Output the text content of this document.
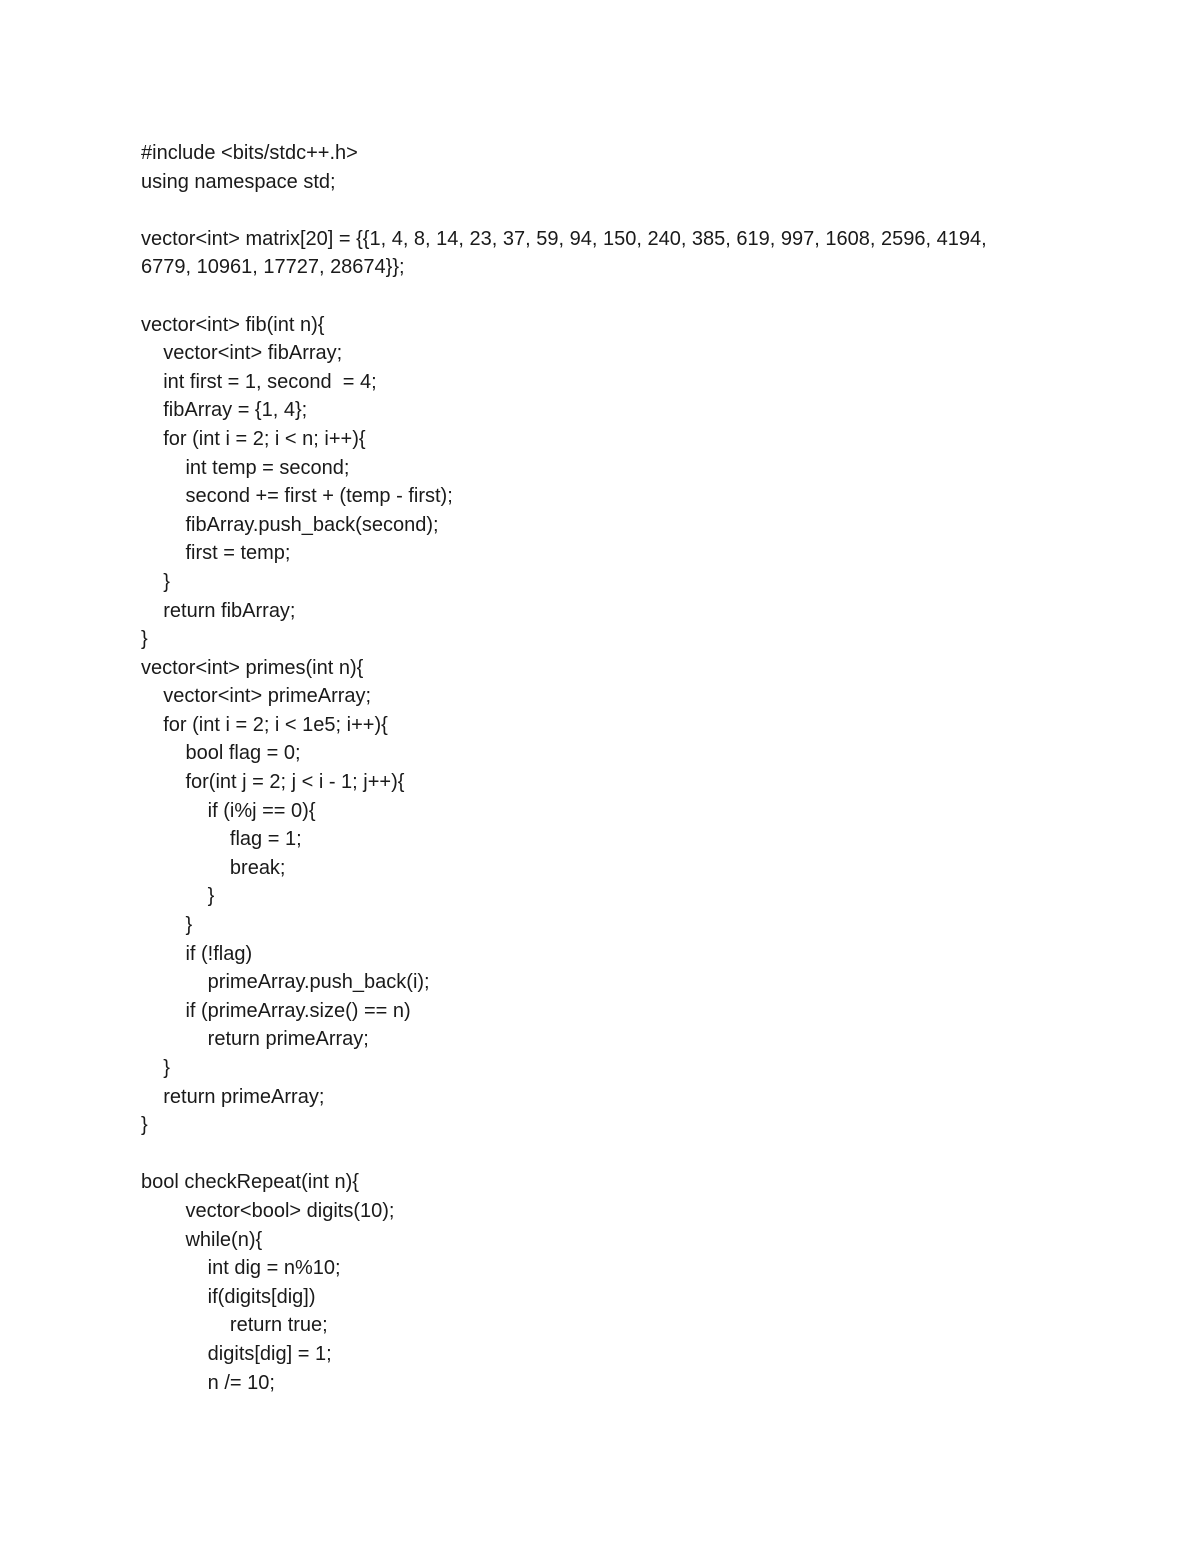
#include <bits/stdc++.h>
using namespace std;
vector<int> matrix[20] = {{1, 4, 8, 14, 23, 37, 59, 94, 150, 240, 385, 619, 997, 1608, 2596, 4194,
6779, 10961, 17727, 28674}};
vector<int> fib(int n){
vector<int> fibArray;
int first = 1, second  = 4;
fibArray = {1, 4};
for (int i = 2; i < n; i++){
int temp = second;
second += first + (temp - first);
fibArray.push_back(second);
first = temp;
}
return fibArray;
}
vector<int> primes(int n){
vector<int> primeArray;
for (int i = 2; i < 1e5; i++){
bool flag = 0;
for(int j = 2; j < i - 1; j++){
if (i%j == 0){
flag = 1;
break;
}
}
if (!flag)
primeArray.push_back(i);
if (primeArray.size() == n)
return primeArray;
}
return primeArray;
}
bool checkRepeat(int n){
vector<bool> digits(10);
while(n){
int dig = n%10;
if(digits[dig])
return true;
digits[dig] = 1;
n /= 10;
